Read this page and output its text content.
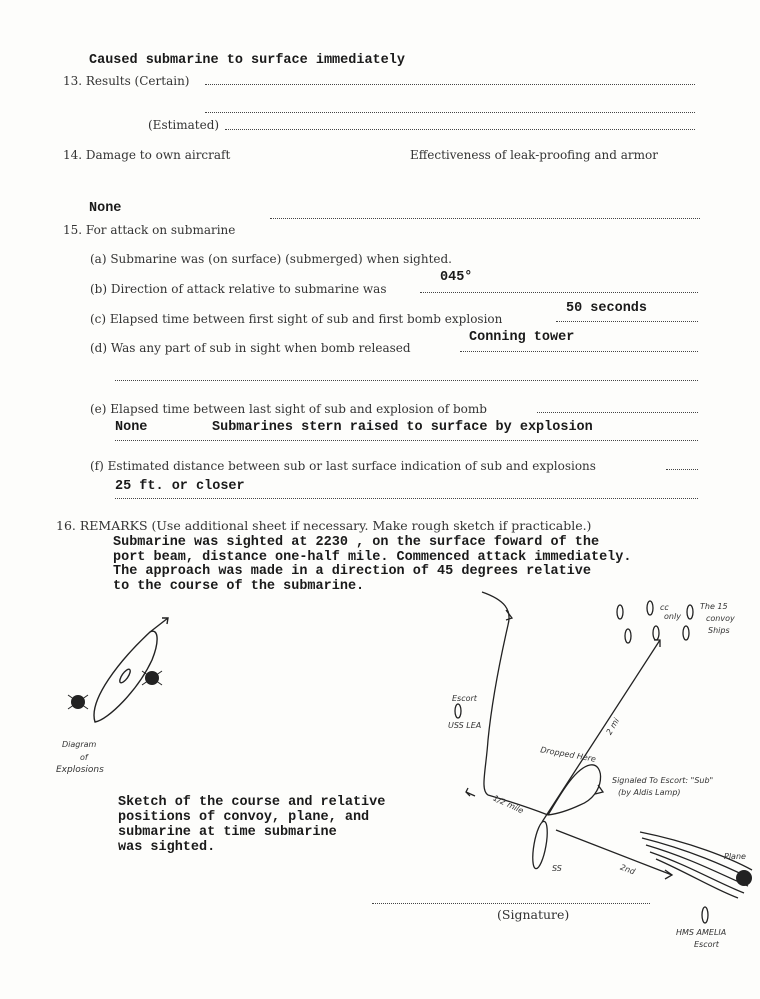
Caused submarine to surface immediately
13. Results (Certain)
(Estimated)
14. Damage to own aircraft	Effectiveness of leak-proofing and armor
None
15. For attack on submarine
(a) Submarine was (on surface) (submerged) when sighted.
(b) Direction of attack relative to submarine was
045°
(c) Elapsed time between first sight of sub and first bomb explosion
50 seconds
(d) Was any part of sub in sight when bomb released
Conning tower
(e) Elapsed time between last sight of sub and explosion of bomb
None	Submarines stern raised to surface by explosion
(f) Estimated distance between sub or last surface indication of sub and explosions
25 ft. or closer
16. REMARKS (Use additional sheet if necessary. Make rough sketch if practicable.)
Submarine was sighted at 2230 , on the surface foward of the
port beam, distance one-half mile. Commenced attack immediately.
The approach was made in a direction of 45 degrees relative
to the course of the submarine.
Diagram
of
Explosions
Escort
USS LEA
cc
only
The 15
convoy
Ships
1/2 mile
2 mi
2nd
Dropped Here
Signaled To Escort: "Sub"
(by Aldis Lamp)
SS
Plane
HMS AMELIA
Escort
Sketch of the course and relative
positions of convoy, plane, and
submarine at time submarine
was sighted.
(Signature)
